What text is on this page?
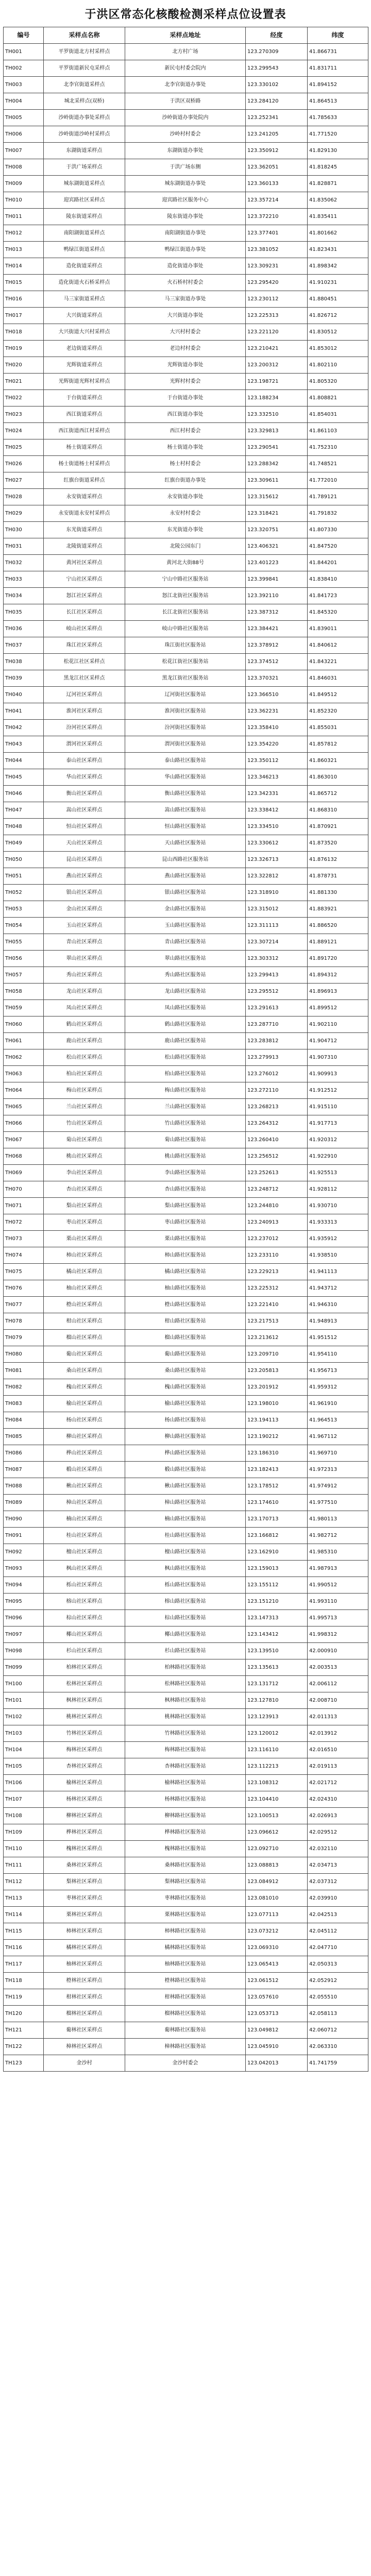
于洪区常态化核酸检测采样点位设置表
编号	采样点名称	采样点地址	经度	纬度
TH001	平罗街道北方村采样点	北方村广场	123.270309	41.866731
TH002	平罗街道新民屯采样点	新民屯村委会院内	123.299543	41.831711
TH003	北李官街道采样点	北李官街道办事处	123.330102	41.894152
TH004	城北采样点(双桥)	于洪区双桥路	123.284120	41.864513
TH005	沙岭街道办事处采样点	沙岭街道办事处院内	123.252341	41.785633
TH006	沙岭街道沙岭村采样点	沙岭村村委会	123.241205	41.771520
TH007	东湖街道采样点	东湖街道办事处	123.350912	41.829130
TH008	于洪广场采样点	于洪广场东侧	123.362051	41.818245
TH009	城东湖街道采样点	城东湖街道办事处	123.360133	41.828871
TH010	迎宾路社区采样点	迎宾路社区服务中心	123.357214	41.835062
TH011	陵东街道采样点	陵东街道办事处	123.372210	41.835411
TH012	南阳湖街道采样点	南阳湖街道办事处	123.377401	41.801662
TH013	鸭绿江街道采样点	鸭绿江街道办事处	123.381052	41.823431
TH014	造化街道采样点	造化街道办事处	123.309231	41.898342
TH015	造化街道火石桥采样点	火石桥村村委会	123.295420	41.910231
TH016	马三家街道采样点	马三家街道办事处	123.230112	41.880451
TH017	大兴街道采样点	大兴街道办事处	123.225313	41.826712
TH018	大兴街道大兴村采样点	大兴村村委会	123.221120	41.830512
TH019	老边街道采样点	老边村村委会	123.210421	41.853012
TH020	光辉街道采样点	光辉街道办事处	123.200312	41.802110
TH021	光辉街道光辉村采样点	光辉村村委会	123.198721	41.805320
TH022	于台街道采样点	于台街道办事处	123.188234	41.808821
TH023	西江街道采样点	西江街道办事处	123.332510	41.854031
TH024	西江街道西江村采样点	西江村村委会	123.329813	41.861103
TH025	杨士街道采样点	杨士街道办事处	123.290541	41.752310
TH026	杨士街道杨士村采样点	杨士村村委会	123.288342	41.748521
TH027	红旗台街道采样点	红旗台街道办事处	123.309611	41.772010
TH028	永安街道采样点	永安街道办事处	123.315612	41.789121
TH029	永安街道永安村采样点	永安村村委会	123.318421	41.791832
TH030	东光街道采样点	东光街道办事处	123.320751	41.807330
TH031	北陵街道采样点	北陵公园东门	123.406321	41.847520
TH032	黄河社区采样点	黄河北大街88号	123.401223	41.844201
TH033	宁山社区采样点	宁山中路社区服务站	123.399841	41.838410
TH034	怒江社区采样点	怒江北街社区服务站	123.392110	41.841723
TH035	长江社区采样点	长江北街社区服务站	123.387312	41.845320
TH036	岐山社区采样点	岐山中路社区服务站	123.384421	41.839011
TH037	珠江社区采样点	珠江街社区服务站	123.378912	41.840612
TH038	松花江社区采样点	松花江街社区服务站	123.374512	41.843221
TH039	黑龙江社区采样点	黑龙江街社区服务站	123.370321	41.846031
TH040	辽河社区采样点	辽河街社区服务站	123.366510	41.849512
TH041	淮河社区采样点	淮河街社区服务站	123.362231	41.852320
TH042	汾河社区采样点	汾河街社区服务站	123.358410	41.855031
TH043	渭河社区采样点	渭河街社区服务站	123.354220	41.857812
TH044	泰山社区采样点	泰山路社区服务站	123.350112	41.860321
TH045	华山社区采样点	华山路社区服务站	123.346213	41.863010
TH046	衡山社区采样点	衡山路社区服务站	123.342331	41.865712
TH047	嵩山社区采样点	嵩山路社区服务站	123.338412	41.868310
TH048	恒山社区采样点	恒山路社区服务站	123.334510	41.870921
TH049	天山社区采样点	天山路社区服务站	123.330612	41.873520
TH050	昆山社区采样点	昆山西路社区服务站	123.326713	41.876132
TH051	燕山社区采样点	燕山路社区服务站	123.322812	41.878731
TH052	银山社区采样点	银山路社区服务站	123.318910	41.881330
TH053	金山社区采样点	金山路社区服务站	123.315012	41.883921
TH054	玉山社区采样点	玉山路社区服务站	123.311113	41.886520
TH055	青山社区采样点	青山路社区服务站	123.307214	41.889121
TH056	翠山社区采样点	翠山路社区服务站	123.303312	41.891720
TH057	秀山社区采样点	秀山路社区服务站	123.299413	41.894312
TH058	龙山社区采样点	龙山路社区服务站	123.295512	41.896913
TH059	凤山社区采样点	凤山路社区服务站	123.291613	41.899512
TH060	鹤山社区采样点	鹤山路社区服务站	123.287710	41.902110
TH061	鹿山社区采样点	鹿山路社区服务站	123.283812	41.904712
TH062	松山社区采样点	松山路社区服务站	123.279913	41.907310
TH063	柏山社区采样点	柏山路社区服务站	123.276012	41.909913
TH064	梅山社区采样点	梅山路社区服务站	123.272110	41.912512
TH065	兰山社区采样点	兰山路社区服务站	123.268213	41.915110
TH066	竹山社区采样点	竹山路社区服务站	123.264312	41.917713
TH067	菊山社区采样点	菊山路社区服务站	123.260410	41.920312
TH068	桃山社区采样点	桃山路社区服务站	123.256512	41.922910
TH069	李山社区采样点	李山路社区服务站	123.252613	41.925513
TH070	杏山社区采样点	杏山路社区服务站	123.248712	41.928112
TH071	梨山社区采样点	梨山路社区服务站	123.244810	41.930710
TH072	枣山社区采样点	枣山路社区服务站	123.240913	41.933313
TH073	栗山社区采样点	栗山路社区服务站	123.237012	41.935912
TH074	柿山社区采样点	柿山路社区服务站	123.233110	41.938510
TH075	橘山社区采样点	橘山路社区服务站	123.229213	41.941113
TH076	柚山社区采样点	柚山路社区服务站	123.225312	41.943712
TH077	橙山社区采样点	橙山路社区服务站	123.221410	41.946310
TH078	柑山社区采样点	柑山路社区服务站	123.217513	41.948913
TH079	榴山社区采样点	榴山路社区服务站	123.213612	41.951512
TH080	葡山社区采样点	葡山路社区服务站	123.209710	41.954110
TH081	桑山社区采样点	桑山路社区服务站	123.205813	41.956713
TH082	槐山社区采样点	槐山路社区服务站	123.201912	41.959312
TH083	榆山社区采样点	榆山路社区服务站	123.198010	41.961910
TH084	杨山社区采样点	杨山路社区服务站	123.194113	41.964513
TH085	柳山社区采样点	柳山路社区服务站	123.190212	41.967112
TH086	桦山社区采样点	桦山路社区服务站	123.186310	41.969710
TH087	椴山社区采样点	椴山路社区服务站	123.182413	41.972313
TH088	楸山社区采样点	楸山路社区服务站	123.178512	41.974912
TH089	樟山社区采样点	樟山路社区服务站	123.174610	41.977510
TH090	楠山社区采样点	楠山路社区服务站	123.170713	41.980113
TH091	桂山社区采样点	桂山路社区服务站	123.166812	41.982712
TH092	檀山社区采样点	檀山路社区服务站	123.162910	41.985310
TH093	枫山社区采样点	枫山路社区服务站	123.159013	41.987913
TH094	栎山社区采样点	栎山路社区服务站	123.155112	41.990512
TH095	榕山社区采样点	榕山路社区服务站	123.151210	41.993110
TH096	棕山社区采样点	棕山路社区服务站	123.147313	41.995713
TH097	椰山社区采样点	椰山路社区服务站	123.143412	41.998312
TH098	杉山社区采样点	杉山路社区服务站	123.139510	42.000910
TH099	柏林社区采样点	柏林路社区服务站	123.135613	42.003513
TH100	松林社区采样点	松林路社区服务站	123.131712	42.006112
TH101	枫林社区采样点	枫林路社区服务站	123.127810	42.008710
TH102	桃林社区采样点	桃林路社区服务站	123.123913	42.011313
TH103	竹林社区采样点	竹林路社区服务站	123.120012	42.013912
TH104	梅林社区采样点	梅林路社区服务站	123.116110	42.016510
TH105	杏林社区采样点	杏林路社区服务站	123.112213	42.019113
TH106	榆林社区采样点	榆林路社区服务站	123.108312	42.021712
TH107	杨林社区采样点	杨林路社区服务站	123.104410	42.024310
TH108	柳林社区采样点	柳林路社区服务站	123.100513	42.026913
TH109	桦林社区采样点	桦林路社区服务站	123.096612	42.029512
TH110	槐林社区采样点	槐林路社区服务站	123.092710	42.032110
TH111	桑林社区采样点	桑林路社区服务站	123.088813	42.034713
TH112	梨林社区采样点	梨林路社区服务站	123.084912	42.037312
TH113	枣林社区采样点	枣林路社区服务站	123.081010	42.039910
TH114	栗林社区采样点	栗林路社区服务站	123.077113	42.042513
TH115	柿林社区采样点	柿林路社区服务站	123.073212	42.045112
TH116	橘林社区采样点	橘林路社区服务站	123.069310	42.047710
TH117	柚林社区采样点	柚林路社区服务站	123.065413	42.050313
TH118	橙林社区采样点	橙林路社区服务站	123.061512	42.052912
TH119	柑林社区采样点	柑林路社区服务站	123.057610	42.055510
TH120	榴林社区采样点	榴林路社区服务站	123.053713	42.058113
TH121	葡林社区采样点	葡林路社区服务站	123.049812	42.060712
TH122	樟林社区采样点	樟林路社区服务站	123.045910	42.063310
TH123	金沙村	金沙村委会	123.042013	41.741759
